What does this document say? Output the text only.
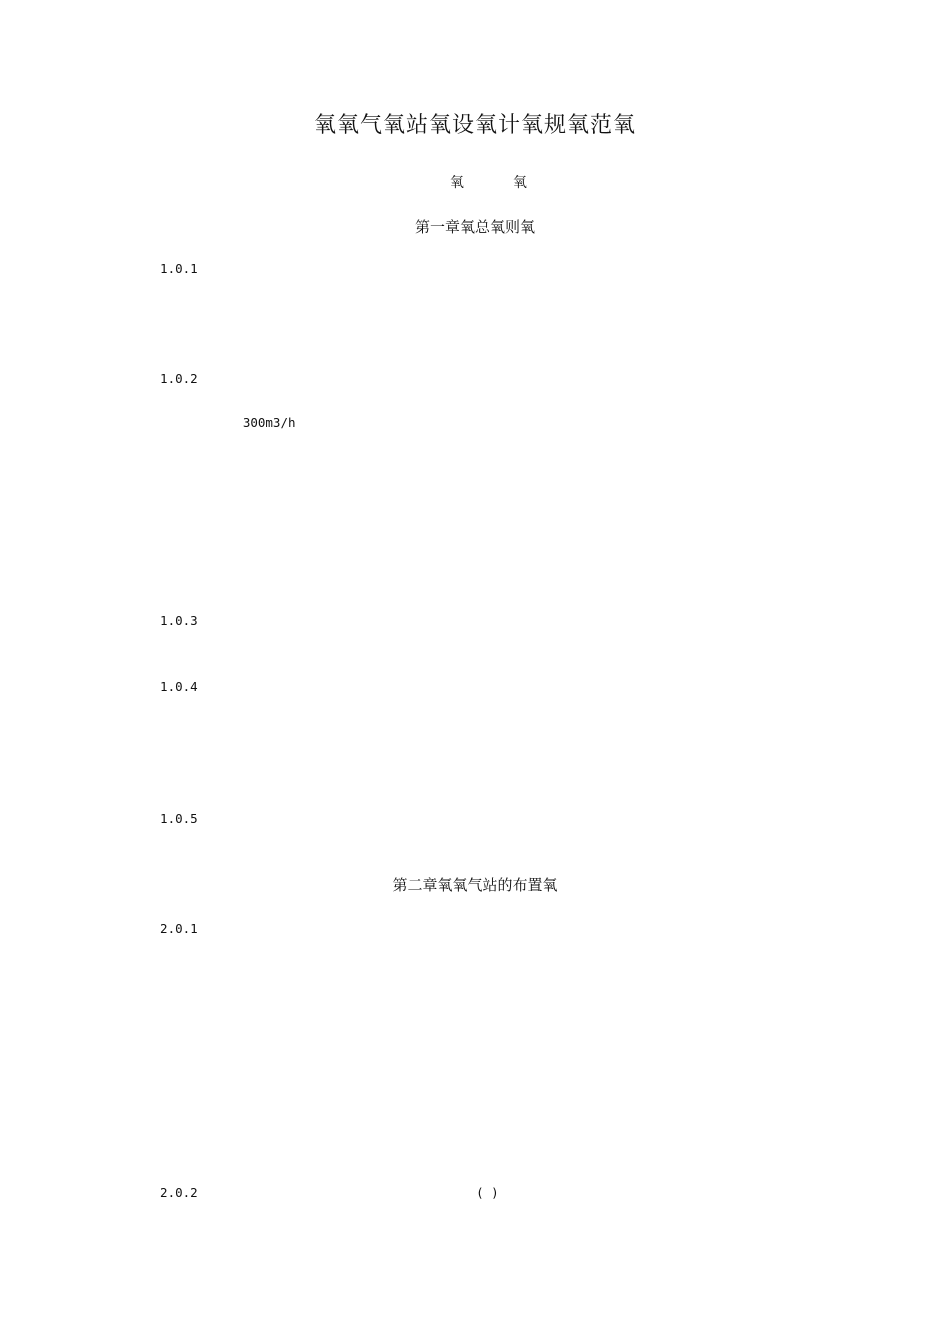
氧氧气氧站氧设氧计氧规氧范氧
氧           氧
第一章氧总氧则氧
1.0.1

1.0.2
300m3/h

1.0.3

1.0.4

1.0.5

第二章氧氧气站的布置氧
2.0.1

2.0.2                                     ( )
